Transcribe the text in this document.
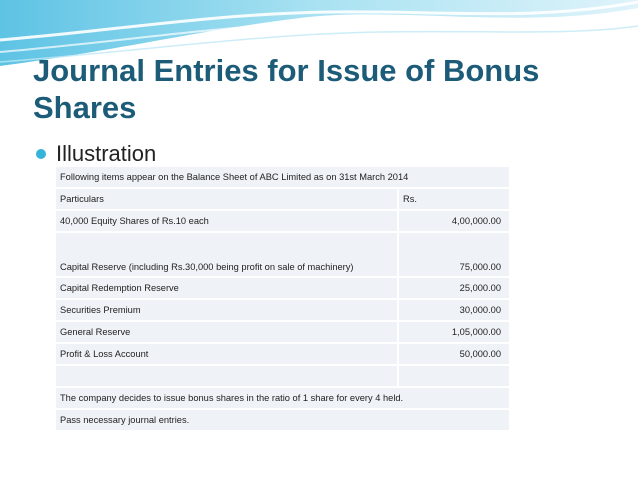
Journal Entries for Issue of Bonus Shares
Illustration
Following items appear on the Balance Sheet of ABC Limited as on 31st March 2014	
Particulars	Rs.
40,000 Equity Shares of Rs.10 each	4,00,000.00
Capital Reserve (including Rs.30,000 being profit on sale of machinery)	75,000.00
Capital Redemption Reserve	25,000.00
Securities Premium	30,000.00
General Reserve	1,05,000.00
Profit & Loss Account	50,000.00

The company decides to issue bonus shares in the ratio of 1 share for every 4 held.	
Pass necessary journal entries.	
